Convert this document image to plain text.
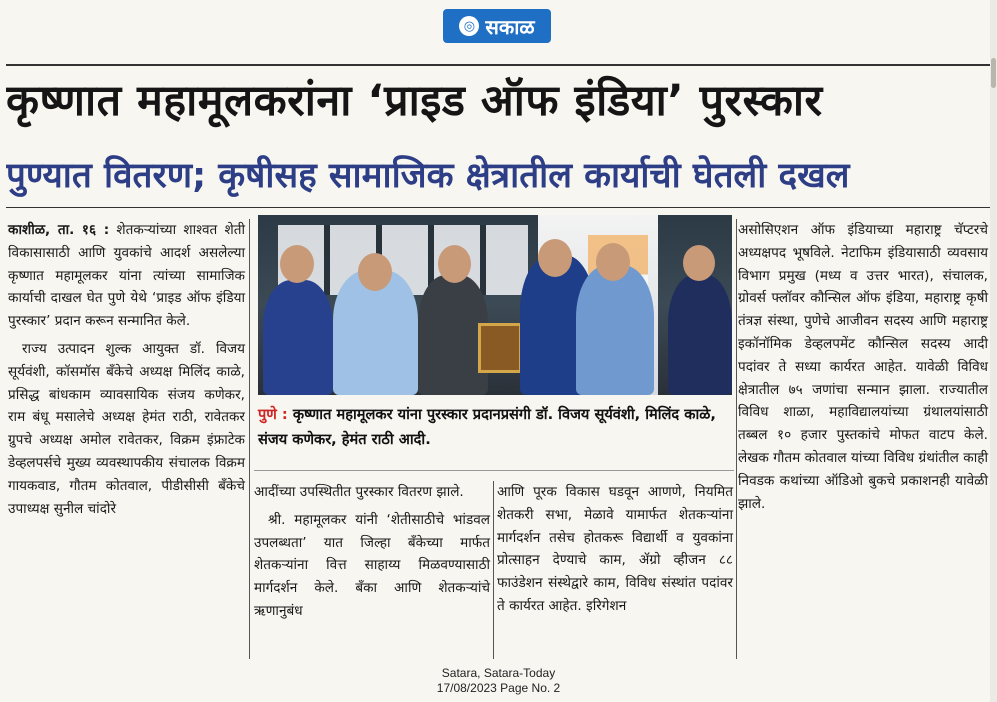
◎ सकाळ
कृष्णात महामूलकरांना ‘प्राइड ऑफ इंडिया’ पुरस्कार
पुण्यात वितरण; कृषीसह सामाजिक क्षेत्रातील कार्याची घेतली दखल

काशीळ, ता. १६ : शेतकऱ्यांच्या शाश्वत शेती विकासासाठी आणि युवकांचे आदर्श असलेल्या कृष्णात महामूलकर यांना त्यांच्या सामाजिक कार्याची दाखल घेत पुणे येथे ‘प्राइड ऑफ इंडिया पुरस्कार’ प्रदान करून सन्मानित केले.

राज्य उत्पादन शुल्क आयुक्त डॉ. विजय सूर्यवंशी, कॉसमॉस बँकेचे अध्यक्ष मिलिंद काळे, प्रसिद्ध बांधकाम व्यावसायिक संजय कणेकर, राम बंधू मसालेचे अध्यक्ष हेमंत राठी, रावेतकर ग्रुपचे अध्यक्ष अमोल रावेतकर, विक्रम इंफ्राटेक डेव्हलपर्सचे मुख्य व्यवस्थापकीय संचालक विक्रम गायकवाड, गौतम कोतवाल, पीडीसीसी बँकेचे उपाध्यक्ष सुनील चांदोरे

पुणे : कृष्णात महामूलकर यांना पुरस्कार प्रदानप्रसंगी डॉ. विजय सूर्यवंशी, मिलिंद काळे, संजय कणेकर, हेमंत राठी आदी.

आदींच्या उपस्थितीत पुरस्कार वितरण झाले.

श्री. महामूलकर यांनी ‘शेतीसाठीचे भांडवल उपलब्धता’ यात जिल्हा बँकेच्या मार्फत शेतकऱ्यांना वित्त साहाय्य मिळवण्यासाठी मार्गदर्शन केले. बँका आणि शेतकऱ्यांचे ऋणानुबंध

आणि पूरक विकास घडवून आणणे, नियमित शेतकरी सभा, मेळावे यामार्फत शेतकऱ्यांना मार्गदर्शन तसेच होतकरू विद्यार्थी व युवकांना प्रोत्साहन देण्याचे काम, ॲग्रो व्हीजन ८८ फाउंडेशन संस्थेद्वारे काम, विविध संस्थांत पदांवर ते कार्यरत आहेत. इरिगेशन

असोसिएशन ऑफ इंडियाच्या महाराष्ट्र चॅप्टरचे अध्यक्षपद भूषविले. नेटाफिम इंडियासाठी व्यवसाय विभाग प्रमुख (मध्य व उत्तर भारत), संचालक, ग्रोवर्स फ्लॉवर कौन्सिल ऑफ इंडिया, महाराष्ट्र कृषी तंत्रज्ञ संस्था, पुणेचे आजीवन सदस्य आणि महाराष्ट्र इकॉनॉमिक डेव्हलपमेंट कौन्सिल सदस्य आदी पदांवर ते सध्या कार्यरत आहेत. यावेळी विविध क्षेत्रातील ७५ जणांचा सन्मान झाला. राज्यातील विविध शाळा, महाविद्यालयांच्या ग्रंथालयांसाठी तब्बल १० हजार पुस्तकांचे मोफत वाटप केले. लेखक गौतम कोतवाल यांच्या विविध ग्रंथांतील काही निवडक कथांच्या ऑडिओ बुकचे प्रकाशनही यावेळी झाले.

Satara, Satara-Today
17/08/2023 Page No. 2
